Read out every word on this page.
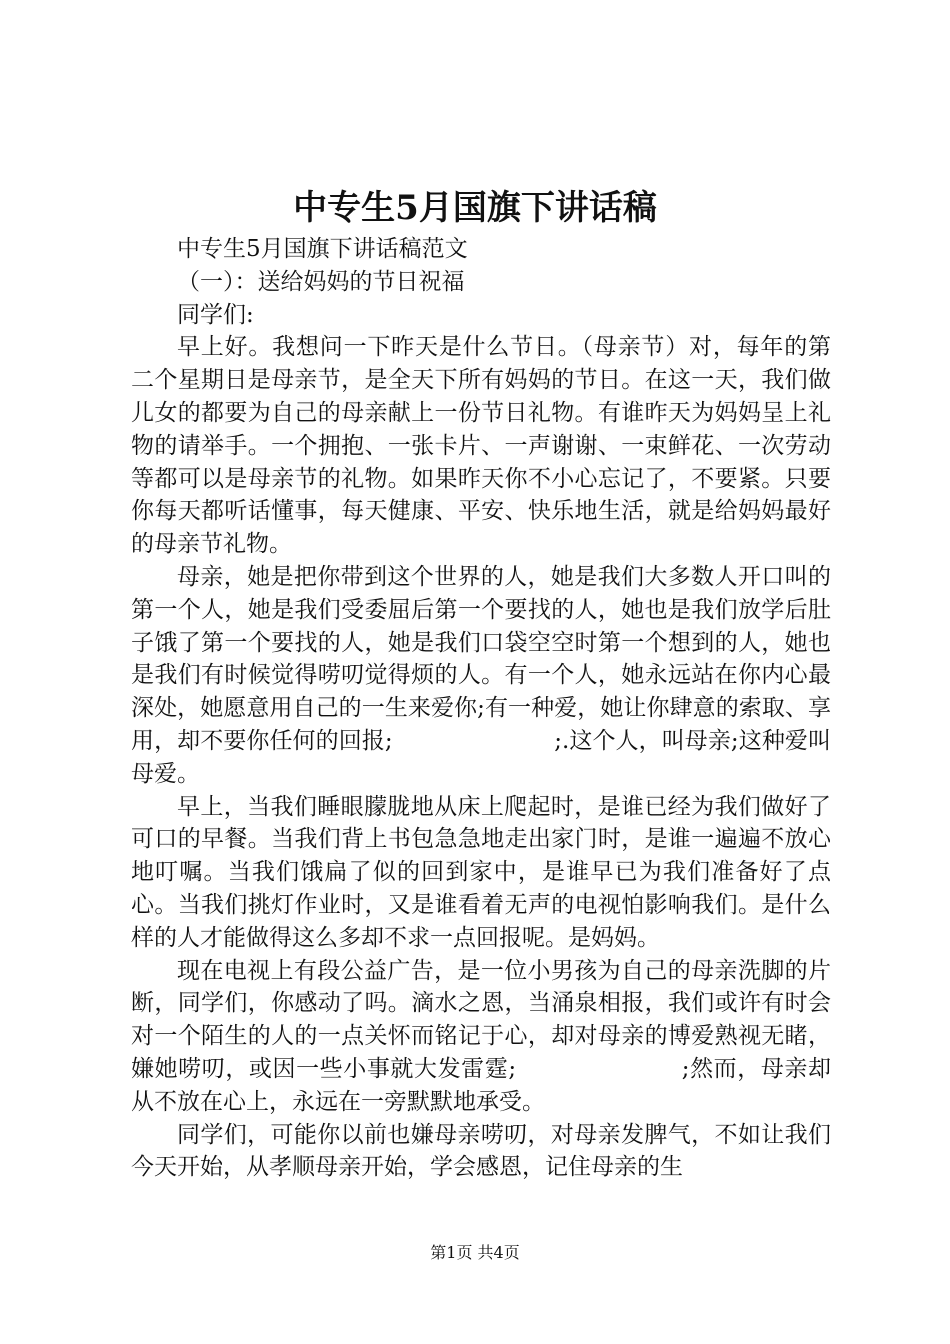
中专生5月国旗下讲话稿

中专生5月国旗下讲话稿范文

（一）：送给妈妈的节日祝福

同学们:

早上好。我想问一下昨天是什么节日。（母亲节）对，每年的第二个星期日是母亲节，是全天下所有妈妈的节日。在这一天，我们做儿女的都要为自己的母亲献上一份节日礼物。有谁昨天为妈妈呈上礼物的请举手。一个拥抱、一张卡片、一声谢谢、一束鲜花、一次劳动等都可以是母亲节的礼物。如果昨天你不小心忘记了，不要紧。只要你每天都听话懂事，每天健康、平安、快乐地生活，就是给妈妈最好的母亲节礼物。

母亲，她是把你带到这个世界的人，她是我们大多数人开口叫的第一个人，她是我们受委屈后第一个要找的人，她也是我们放学后肚子饿了第一个要找的人，她是我们口袋空空时第一个想到的人，她也是我们有时候觉得唠叨觉得烦的人。有一个人，她永远站在你内心最深处，她愿意用自己的一生来爱你;有一种爱，她让你肆意的索取、享用，却不要你任何的回报;　　　　　　　;.这个人，叫母亲;这种爱叫母爱。

早上，当我们睡眼朦胧地从床上爬起时，是谁已经为我们做好了可口的早餐。当我们背上书包急急地走出家门时，是谁一遍遍不放心地叮嘱。当我们饿扁了似的回到家中，是谁早已为我们准备好了点心。当我们挑灯作业时，又是谁看着无声的电视怕影响我们。是什么样的人才能做得这么多却不求一点回报呢。是妈妈。

现在电视上有段公益广告，是一位小男孩为自己的母亲洗脚的片断，同学们，你感动了吗。滴水之恩，当涌泉相报，我们或许有时会对一个陌生的人的一点关怀而铭记于心，却对母亲的博爱熟视无睹，嫌她唠叨，或因一些小事就大发雷霆;　　　　　　　;然而，母亲却从不放在心上，永远在一旁默默地承受。

同学们，可能你以前也嫌母亲唠叨，对母亲发脾气，不如让我们今天开始，从孝顺母亲开始，学会感恩，记住母亲的生

第1页 共4页
